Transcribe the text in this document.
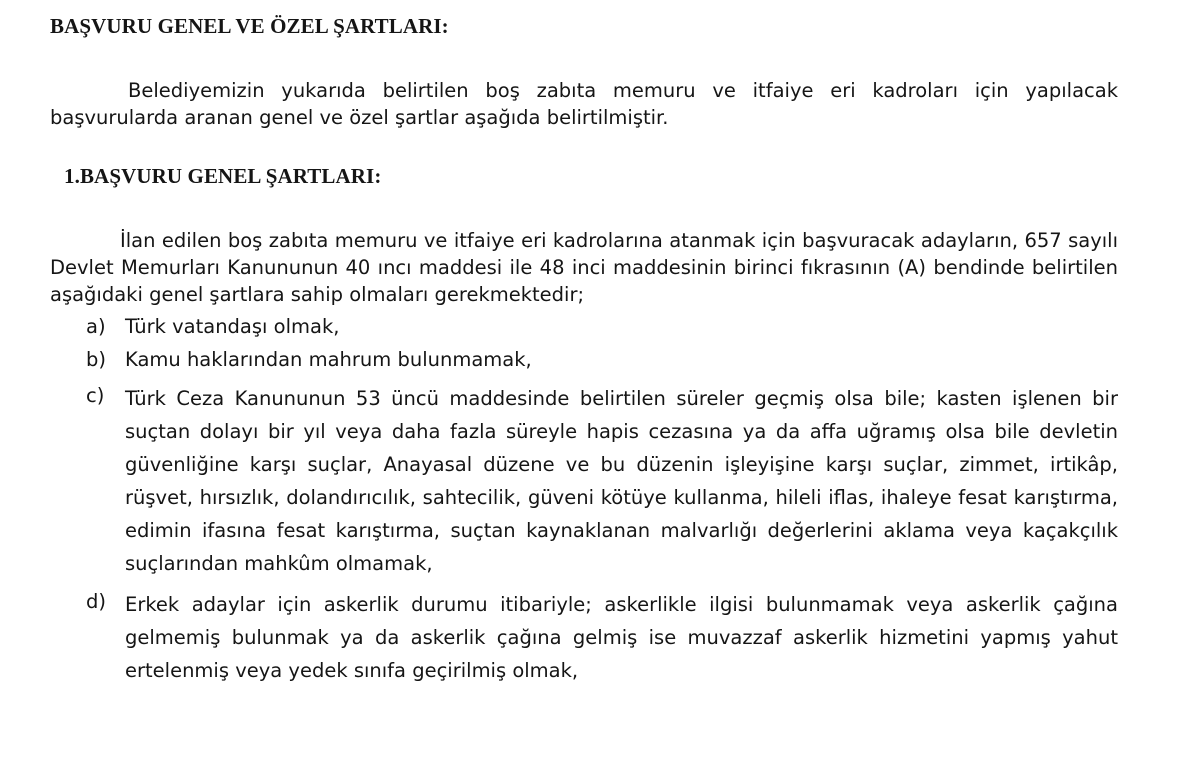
BAŞVURU GENEL VE ÖZEL ŞARTLARI:

Belediyemizin yukarıda belirtilen boş zabıta memuru ve itfaiye eri kadroları için yapılacak başvurularda aranan genel ve özel şartlar aşağıda belirtilmiştir.

1.BAŞVURU GENEL ŞARTLARI:

İlan edilen boş zabıta memuru ve itfaiye eri kadrolarına atanmak için başvuracak adayların, 657 sayılı Devlet Memurları Kanununun 40 ıncı maddesi ile 48 inci maddesinin birinci fıkrasının (A) bendinde belirtilen aşağıdaki genel şartlara sahip olmaları gerekmektedir;

a) Türk vatandaşı olmak,

b) Kamu haklarından mahrum bulunmamak,

c) Türk Ceza Kanununun 53 üncü maddesinde belirtilen süreler geçmiş olsa bile; kasten işlenen bir suçtan dolayı bir yıl veya daha fazla süreyle hapis cezasına ya da affa uğramış olsa bile devletin güvenliğine karşı suçlar, Anayasal düzene ve bu düzenin işleyişine karşı suçlar, zimmet, irtikâp, rüşvet, hırsızlık, dolandırıcılık, sahtecilik, güveni kötüye kullanma, hileli iflas, ihaleye fesat karıştırma, edimin ifasına fesat karıştırma, suçtan kaynaklanan malvarlığı değerlerini aklama veya kaçakçılık suçlarından mahkûm olmamak,

d) Erkek adaylar için askerlik durumu itibariyle; askerlikle ilgisi bulunmamak veya askerlik çağına gelmemiş bulunmak ya da askerlik çağına gelmiş ise muvazzaf askerlik hizmetini yapmış yahut ertelenmiş veya yedek sınıfa geçirilmiş olmak,
